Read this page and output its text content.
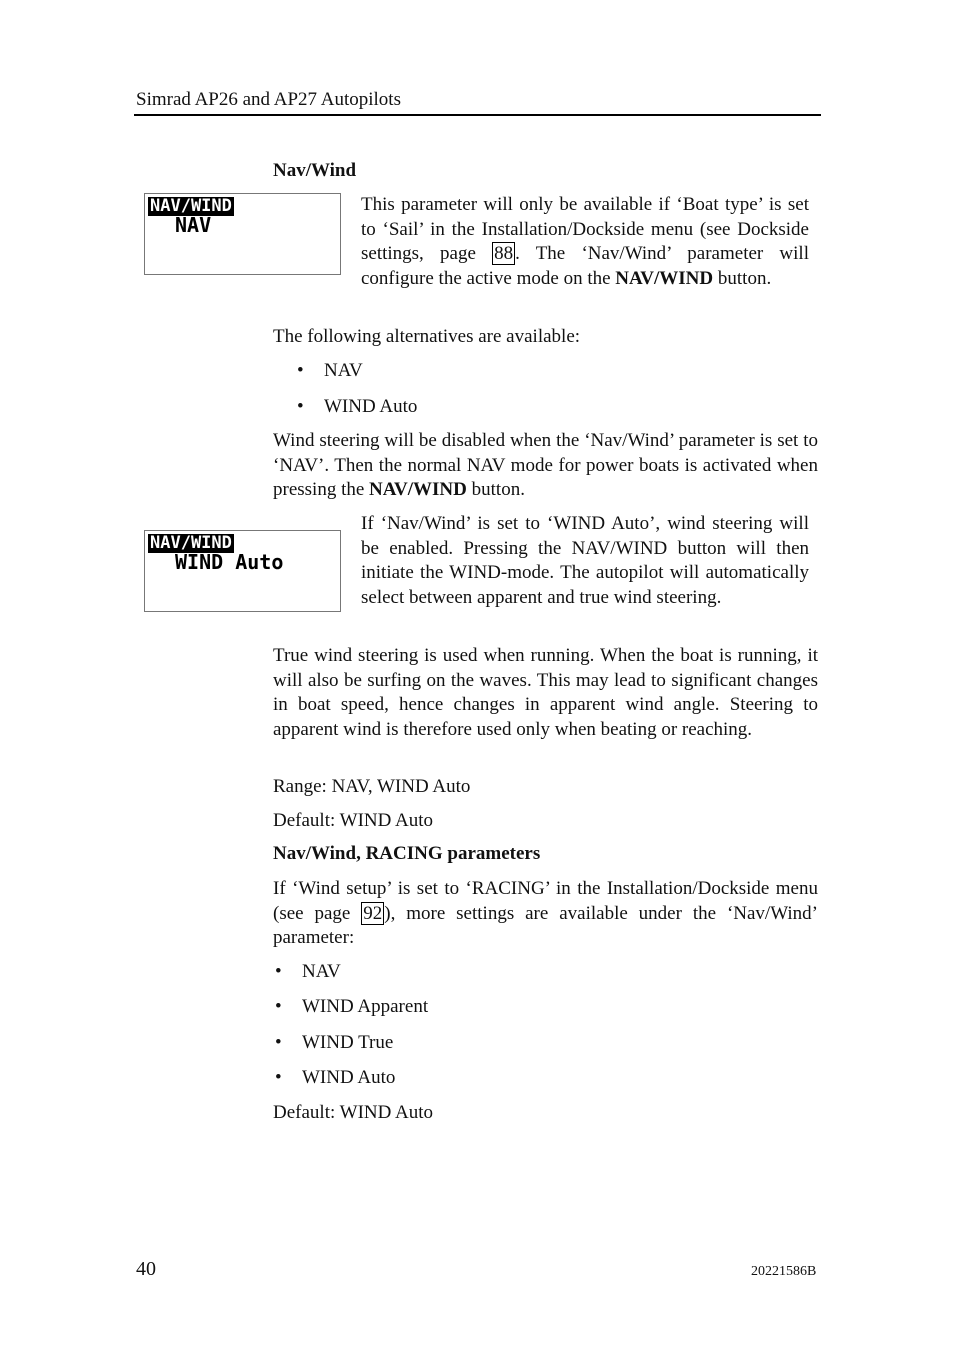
Simrad AP26 and AP27 Autopilots
Nav/Wind
NAV/WIND
NAV
This parameter will only be available if ‘Boat type’ is set to ‘Sail’ in the Installation/Dockside menu (see Dockside settings, page 88 . The ‘Nav/Wind’ parameter will configure the active mode on the NAV/WIND button.
The following alternatives are available:
• NAV
• WIND Auto
Wind steering will be disabled when the ‘Nav/Wind’ parameter is set to ‘NAV’. Then the normal NAV mode for power boats is activated when pressing the NAV/WIND button.
NAV/WIND
WIND Auto
If ‘Nav/Wind’ is set to ‘WIND Auto’, wind steering will be enabled. Pressing the NAV/WIND button will then initiate the WIND-mode. The autopilot will automatically select between apparent and true wind steering.
True wind steering is used when running. When the boat is running, it will also be surfing on the waves. This may lead to significant changes in boat speed, hence changes in apparent wind angle. Steering to apparent wind is therefore used only when beating or reaching.
Range: NAV, WIND Auto
Default: WIND Auto
Nav/Wind, RACING parameters
If ‘Wind setup’ is set to ‘RACING’ in the Installation/Dockside menu (see page 92 ), more settings are available under the ‘Nav/Wind’ parameter:
• NAV
• WIND Apparent
• WIND True
• WIND Auto
Default: WIND Auto
40	20221586B
